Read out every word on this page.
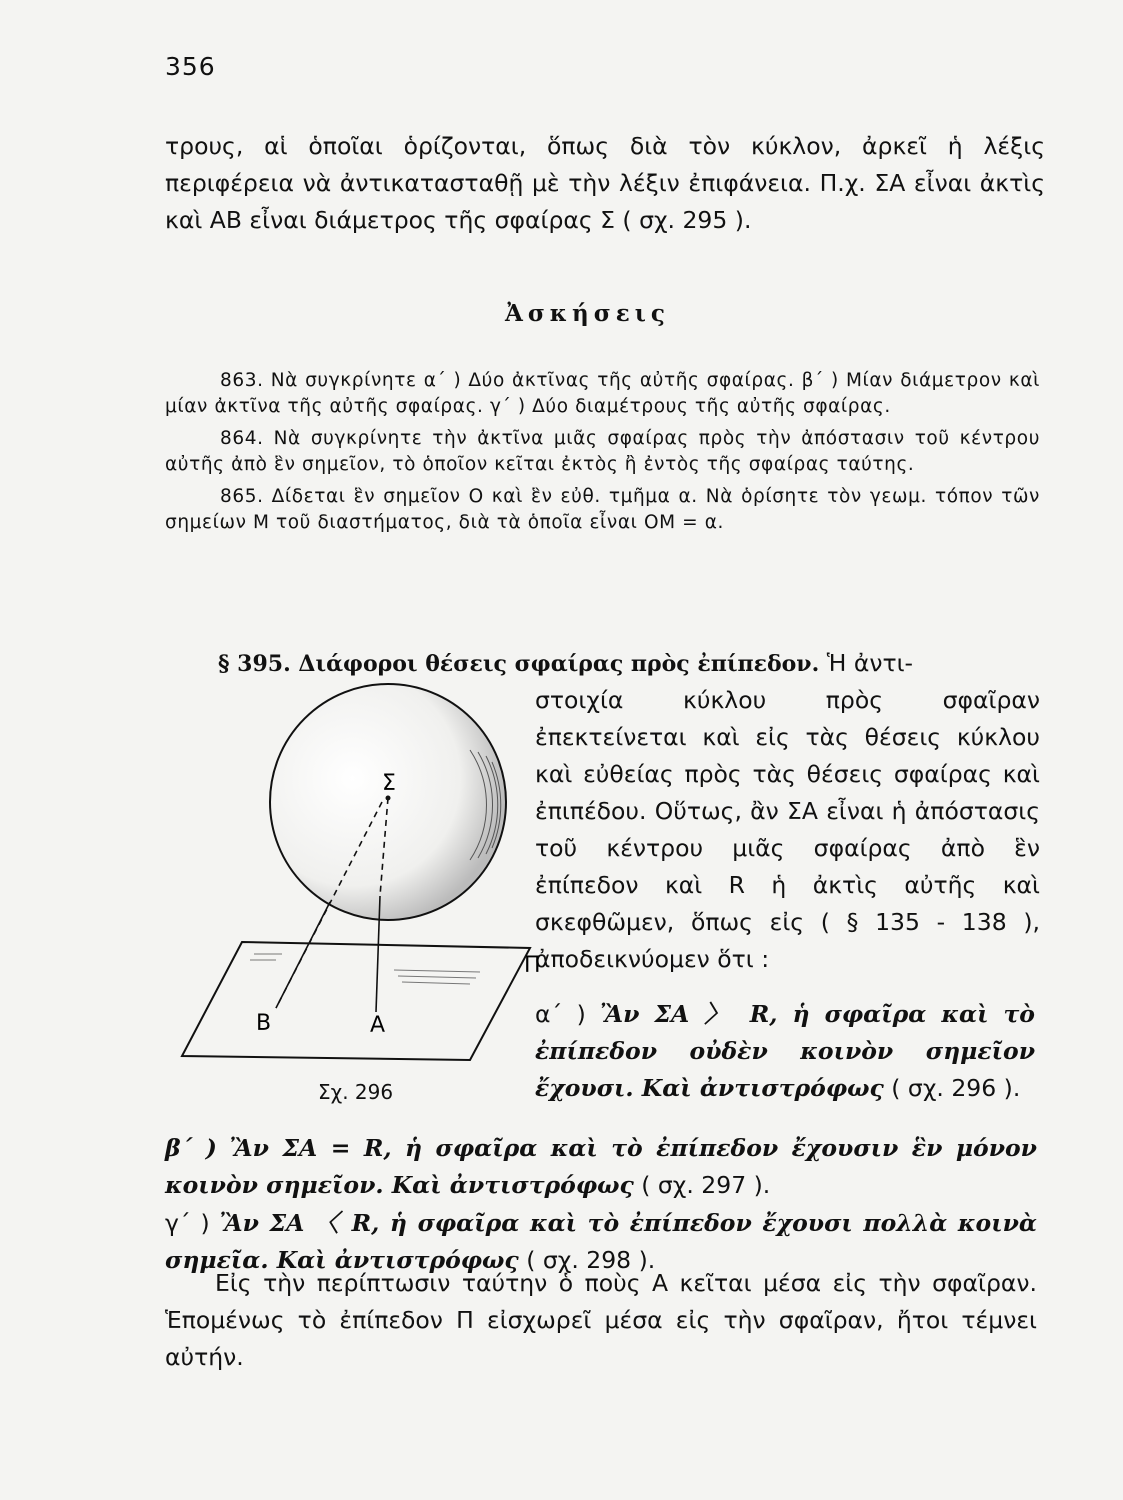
356
τρους, αἱ ὁποῖαι ὁρίζονται, ὅπως διὰ τὸν κύκλον, ἀρκεῖ ἡ λέξις περιφέρεια νὰ ἀντικατασταθῇ μὲ τὴν λέξιν ἐπιφάνεια. Π.χ. ΣΑ εἶναι ἀκτὶς καὶ ΑΒ εἶναι διάμετρος τῆς σφαίρας Σ ( σχ. 295 ).
Ἀσκήσεις
863. Νὰ συγκρίνητε α΄ ) Δύο ἀκτῖνας τῆς αὐτῆς σφαίρας. β΄ ) Μίαν διάμετρον καὶ μίαν ἀκτῖνα τῆς αὐτῆς σφαίρας. γ΄ ) Δύο διαμέτρους τῆς αὐτῆς σφαίρας.
864. Νὰ συγκρίνητε τὴν ἀκτῖνα μιᾶς σφαίρας πρὸς τὴν ἀπόστασιν τοῦ κέντρου αὐτῆς ἀπὸ ἓν σημεῖον, τὸ ὁποῖον κεῖται ἐκτὸς ἢ ἐντὸς τῆς σφαίρας ταύτης.
865. Δίδεται ἓν σημεῖον Ο καὶ ἓν εὐθ. τμῆμα α. Νὰ ὁρίσητε τὸν γεωμ. τόπον τῶν σημείων Μ τοῦ διαστήματος, διὰ τὰ ὁποῖα εἶναι ΟΜ = α.
§ 395. Διάφοροι θέσεις σφαίρας πρὸς ἐπίπεδον. Ἡ ἀντι-
στοιχία κύκλου πρὸς σφαῖραν ἐπεκτείνεται καὶ εἰς τὰς θέσεις κύκλου καὶ εὐθείας πρὸς τὰς θέσεις σφαίρας καὶ ἐπιπέδου. Οὕτως, ἂν ΣΑ εἶναι ἡ ἀπόστασις τοῦ κέντρου μιᾶς σφαίρας ἀπὸ ἓν ἐπίπεδον καὶ R ἡ ἀκτὶς αὐτῆς καὶ σκεφθῶμεν, ὅπως εἰς ( § 135 - 138 ), ἀποδεικνύομεν ὅτι :
α΄ ) Ἂν ΣΑ 〉 R, ἡ σφαῖρα καὶ τὸ ἐπίπεδον οὐδὲν κοινὸν σημεῖον ἔχουσι. Καὶ ἀντιστρόφως ( σχ. 296 ).
Σ
Β	Α
Π
Σχ. 296
β΄ ) Ἂν ΣΑ = R, ἡ σφαῖρα καὶ τὸ ἐπίπεδον ἔχουσιν ἓν μόνον κοινὸν σημεῖον. Καὶ ἀντιστρόφως ( σχ. 297 ).
γ΄ ) Ἂν ΣΑ 〈 R, ἡ σφαῖρα καὶ τὸ ἐπίπεδον ἔχουσι πολλὰ κοινὰ σημεῖα. Καὶ ἀντιστρόφως ( σχ. 298 ).
Εἰς τὴν περίπτωσιν ταύτην ὁ ποὺς Α κεῖται μέσα εἰς τὴν σφαῖραν. Ἑπομένως τὸ ἐπίπεδον Π εἰσχωρεῖ μέσα εἰς τὴν σφαῖραν, ἤτοι τέμνει αὐτήν.
